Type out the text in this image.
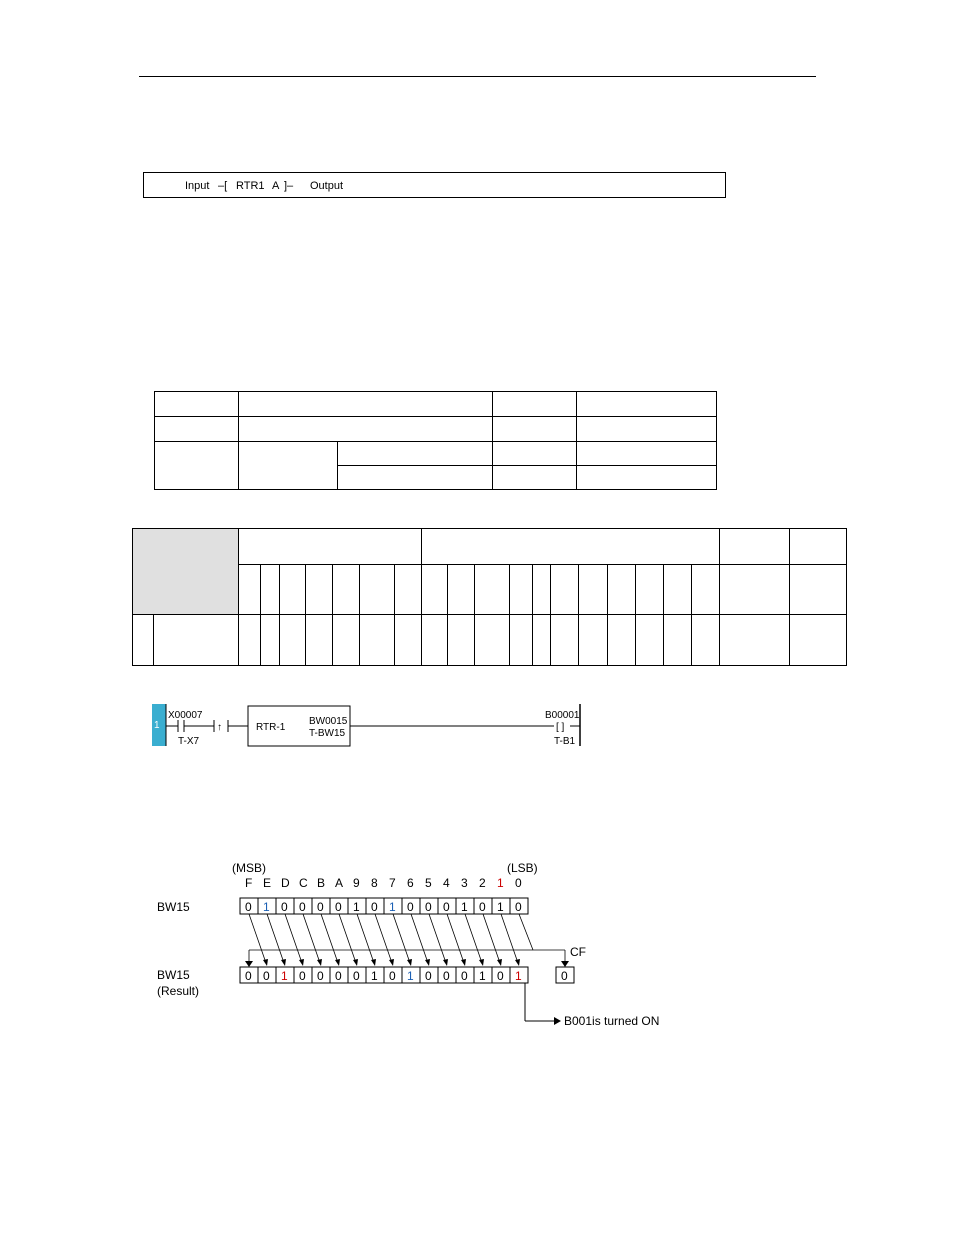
Input –[ RTR1 A ]– Output

1
X00007
T-X7
↑	RTR-1
BW0015
T-BW15
B00001
[ ]
T-B1
(MSB)	(LSB)
F E D C B A 9 8 7 6 5 4 3 2 1 0
BW15	0 1 0 0 0 0 1 0 1 0 0 0 1 0 1 0
CF
0
BW15
(Result)
0 0 1 0 0 0 0 1 0 1 0 0 0 1 0 1
B001is turned ON
